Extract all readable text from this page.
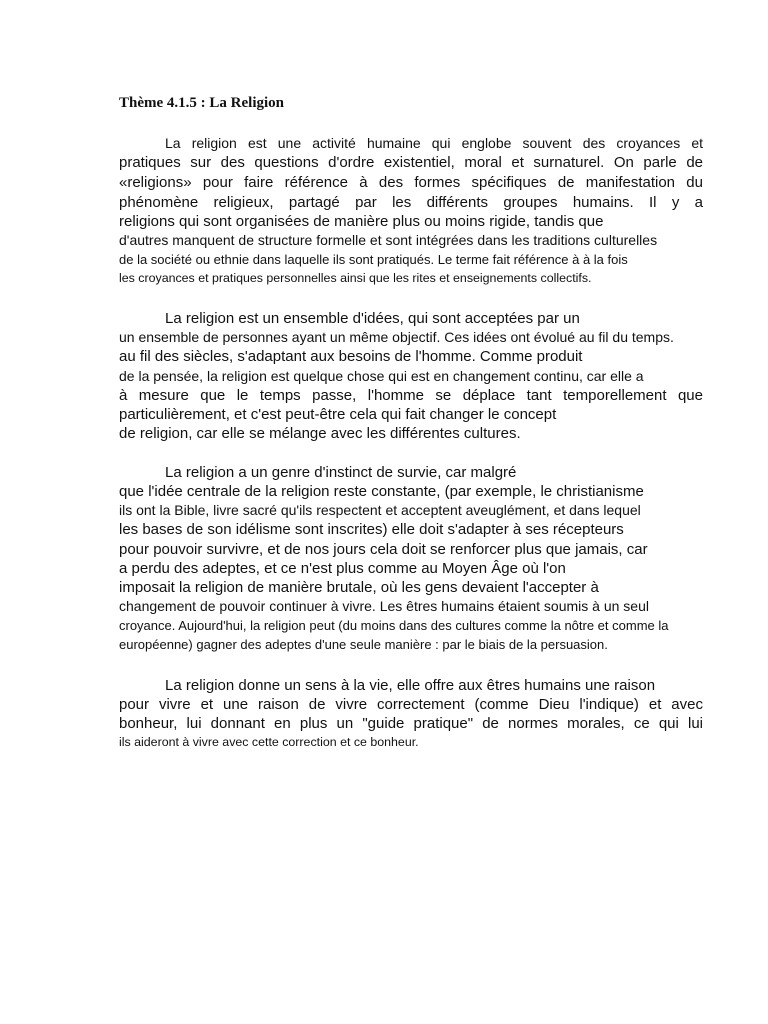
Thème 4.1.5 : La Religion
La religion est une activité humaine qui englobe souvent des croyances et
pratiques sur des questions d'ordre existentiel, moral et surnaturel. On parle de
«religions» pour faire référence à des formes spécifiques de manifestation du
phénomène religieux, partagé par les différents groupes humains. Il y a
religions qui sont organisées de manière plus ou moins rigide, tandis que
d'autres manquent de structure formelle et sont intégrées dans les traditions culturelles
de la société ou ethnie dans laquelle ils sont pratiqués. Le terme fait référence à à la fois
les croyances et pratiques personnelles ainsi que les rites et enseignements collectifs.
La religion est un ensemble d'idées, qui sont acceptées par un
un ensemble de personnes ayant un même objectif. Ces idées ont évolué au fil du temps.
au fil des siècles, s'adaptant aux besoins de l'homme. Comme produit
de la pensée, la religion est quelque chose qui est en changement continu, car elle a
à mesure que le temps passe, l'homme se déplace tant temporellement que
particulièrement, et c'est peut-être cela qui fait changer le concept
de religion, car elle se mélange avec les différentes cultures.
La religion a un genre d'instinct de survie, car malgré
que l'idée centrale de la religion reste constante, (par exemple, le christianisme
ils ont la Bible, livre sacré qu'ils respectent et acceptent aveuglément, et dans lequel
les bases de son idélisme sont inscrites) elle doit s'adapter à ses récepteurs
pour pouvoir survivre, et de nos jours cela doit se renforcer plus que jamais, car
a perdu des adeptes, et ce n'est plus comme au Moyen Âge où l'on
imposait la religion de manière brutale, où les gens devaient l'accepter à
changement de pouvoir continuer à vivre. Les êtres humains étaient soumis à un seul
croyance. Aujourd'hui, la religion peut (du moins dans des cultures comme la nôtre et comme la
européenne) gagner des adeptes d'une seule manière : par le biais de la persuasion.
La religion donne un sens à la vie, elle offre aux êtres humains une raison
pour vivre et une raison de vivre correctement (comme Dieu l'indique) et avec
bonheur, lui donnant en plus un "guide pratique" de normes morales, ce qui lui
ils aideront à vivre avec cette correction et ce bonheur.
